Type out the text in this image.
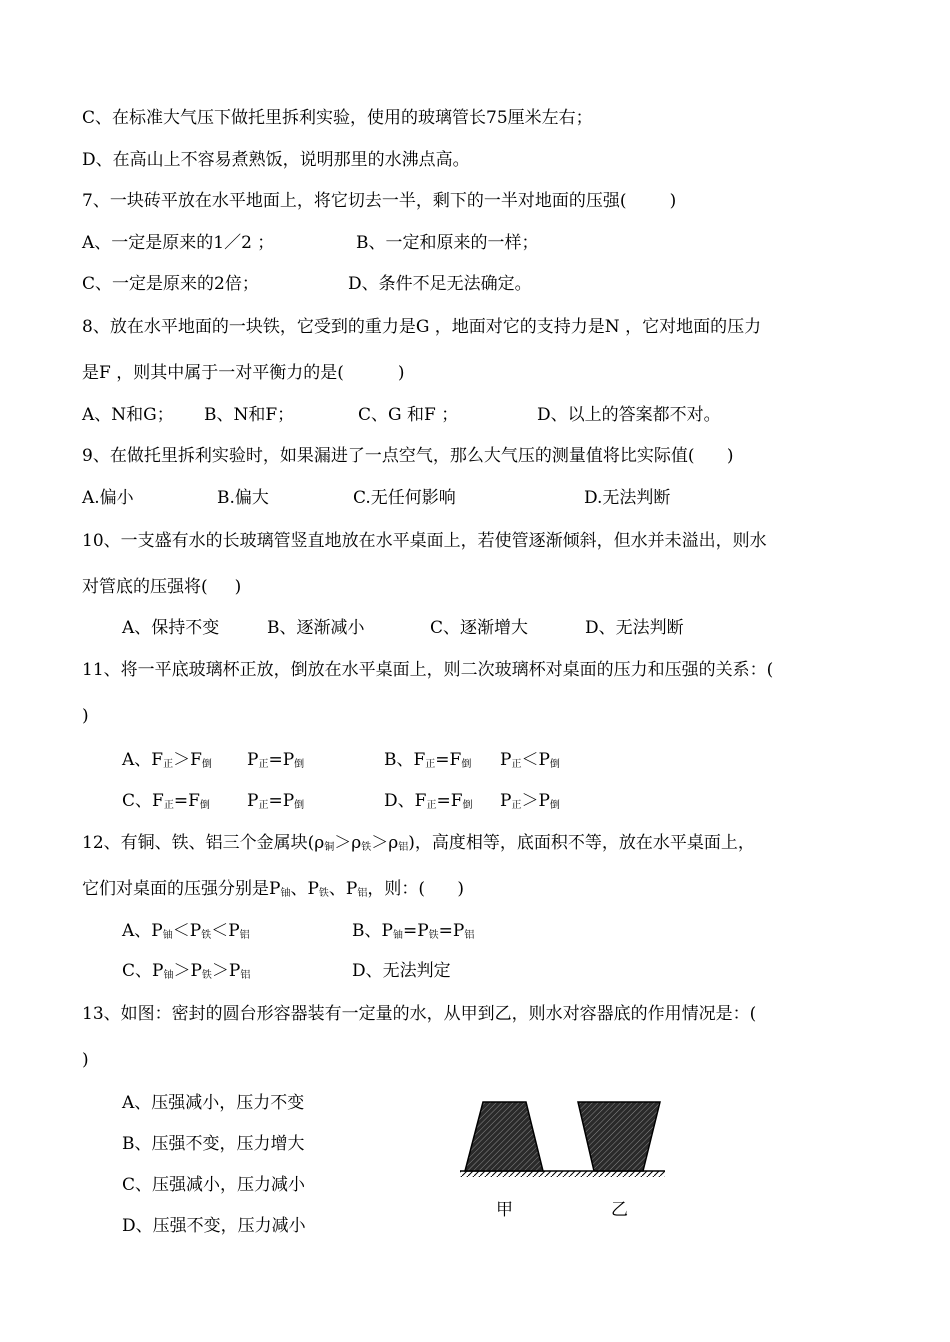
C、在标准大气压下做托里拆利实验，使用的玻璃管长75厘米左右；
D、在高山上不容易煮熟饭，说明那里的水沸点高。
7、一块砖平放在水平地面上，将它切去一半，剩下的一半对地面的压强(        )
A、一定是原来的1／2 ；	B、一定和原来的一样；
C、一定是原来的2倍；	D、条件不足无法确定。
8、放在水平地面的一块铁，它受到的重力是G ，地面对它的支持力是N ，它对地面的压力
是F ，则其中属于一对平衡力的是(          )
A、N和G； B、N和F；	C、G 和F ；	D、以上的答案都不对。
9、在做托里拆利实验时，如果漏进了一点空气，那么大气压的测量值将比实际值(      )
A.偏小	B.偏大	C.无任何影响	D.无法判断
10、一支盛有水的长玻璃管竖直地放在水平桌面上，若使管逐渐倾斜，但水并未溢出，则水
对管底的压强将(     )
A、保持不变	B、逐渐减小	C、逐渐增大	D、无法判断
11、将一平底玻璃杯正放，倒放在水平桌面上，则二次玻璃杯对桌面的压力和压强的关系：(
)
A、$F_正>F_倒$ $P_正=P_倒$	B、$F_正=F_倒$ $P_正<P_倒$
C、$F_正=F_倒$ $P_正=P_倒$	D、$F_正=F_倒$ $P_正>P_倒$
12、有铜、铁、铝三个金属块$(\rho_铜>\rho_铁>\rho_铝)$，高度相等，底面积不等，放在水平桌面上，
它们对桌面的压强分别是$P_铀$、$P_铁$、$P_铝$，则：(      )
A、$P_铀<P_铁<P_铝$	B、$P_铀=P_铁=P_铝$
C、$P_铀>P_铁>P_铝$	D、无法判定
13、如图：密封的圆台形容器装有一定量的水，从甲到乙，则水对容器底的作用情况是：(
)
A、压强减小，压力不变
B、压强不变，压力增大
C、压强减小，压力减小
D、压强不变，压力减小
甲	乙
